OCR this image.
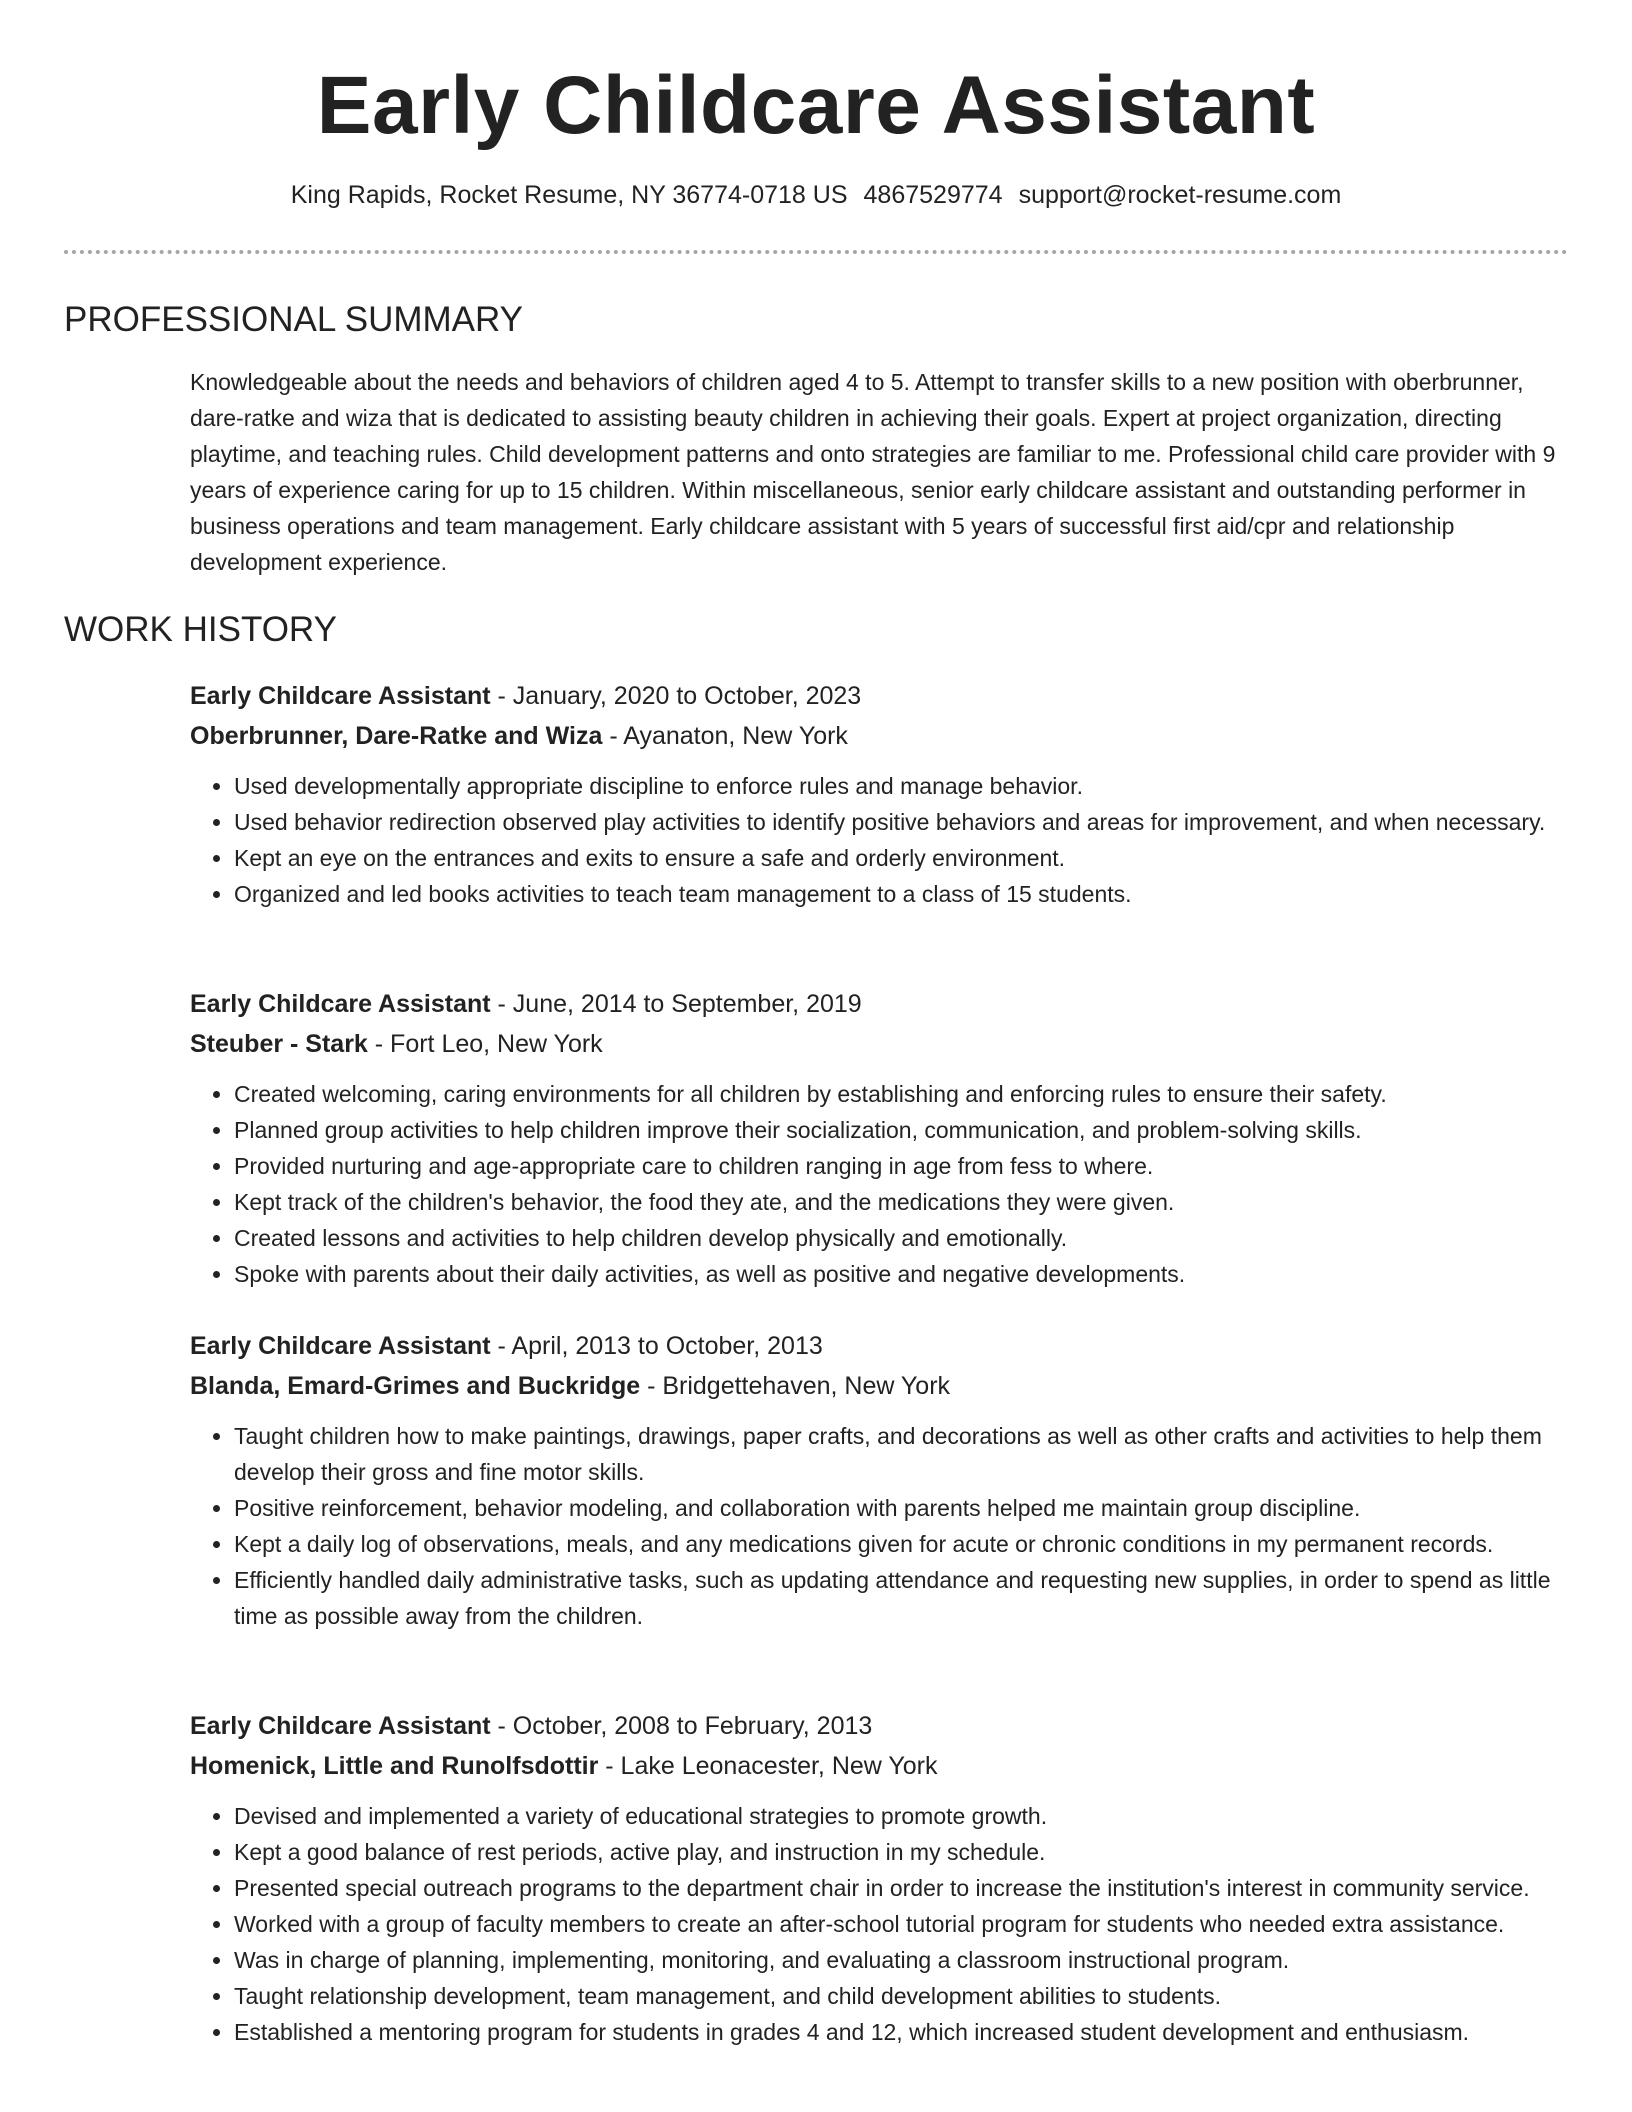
Early Childcare Assistant
King Rapids, Rocket Resume, NY 36774-0718 US 4867529774 support@rocket-resume.com
PROFESSIONAL SUMMARY

Knowledgeable about the needs and behaviors of children aged 4 to 5. Attempt to transfer skills to a new position with oberbrunner, dare-ratke and wiza that is dedicated to assisting beauty children in achieving their goals. Expert at project organization, directing playtime, and teaching rules. Child development patterns and onto strategies are familiar to me. Professional child care provider with 9 years of experience caring for up to 15 children. Within miscellaneous, senior early childcare assistant and outstanding performer in business operations and team management. Early childcare assistant with 5 years of successful first aid/cpr and relationship development experience.

WORK HISTORY
Early Childcare Assistant - January, 2020 to October, 2023
Oberbrunner, Dare-Ratke and Wiza - Ayanaton, New York
• Used developmentally appropriate discipline to enforce rules and manage behavior.
• Used behavior redirection observed play activities to identify positive behaviors and areas for improvement, and when necessary.
• Kept an eye on the entrances and exits to ensure a safe and orderly environment.
• Organized and led books activities to teach team management to a class of 15 students.
Early Childcare Assistant - June, 2014 to September, 2019
Steuber - Stark - Fort Leo, New York
• Created welcoming, caring environments for all children by establishing and enforcing rules to ensure their safety.
• Planned group activities to help children improve their socialization, communication, and problem-solving skills.
• Provided nurturing and age-appropriate care to children ranging in age from fess to where.
• Kept track of the children's behavior, the food they ate, and the medications they were given.
• Created lessons and activities to help children develop physically and emotionally.
• Spoke with parents about their daily activities, as well as positive and negative developments.
Early Childcare Assistant - April, 2013 to October, 2013
Blanda, Emard-Grimes and Buckridge - Bridgettehaven, New York
• Taught children how to make paintings, drawings, paper crafts, and decorations as well as other crafts and activities to help them develop their gross and fine motor skills.
• Positive reinforcement, behavior modeling, and collaboration with parents helped me maintain group discipline.
• Kept a daily log of observations, meals, and any medications given for acute or chronic conditions in my permanent records.
• Efficiently handled daily administrative tasks, such as updating attendance and requesting new supplies, in order to spend as little time as possible away from the children.
Early Childcare Assistant - October, 2008 to February, 2013
Homenick, Little and Runolfsdottir - Lake Leonacester, New York
• Devised and implemented a variety of educational strategies to promote growth.
• Kept a good balance of rest periods, active play, and instruction in my schedule.
• Presented special outreach programs to the department chair in order to increase the institution's interest in community service.
• Worked with a group of faculty members to create an after-school tutorial program for students who needed extra assistance.
• Was in charge of planning, implementing, monitoring, and evaluating a classroom instructional program.
• Taught relationship development, team management, and child development abilities to students.
• Established a mentoring program for students in grades 4 and 12, which increased student development and enthusiasm.
